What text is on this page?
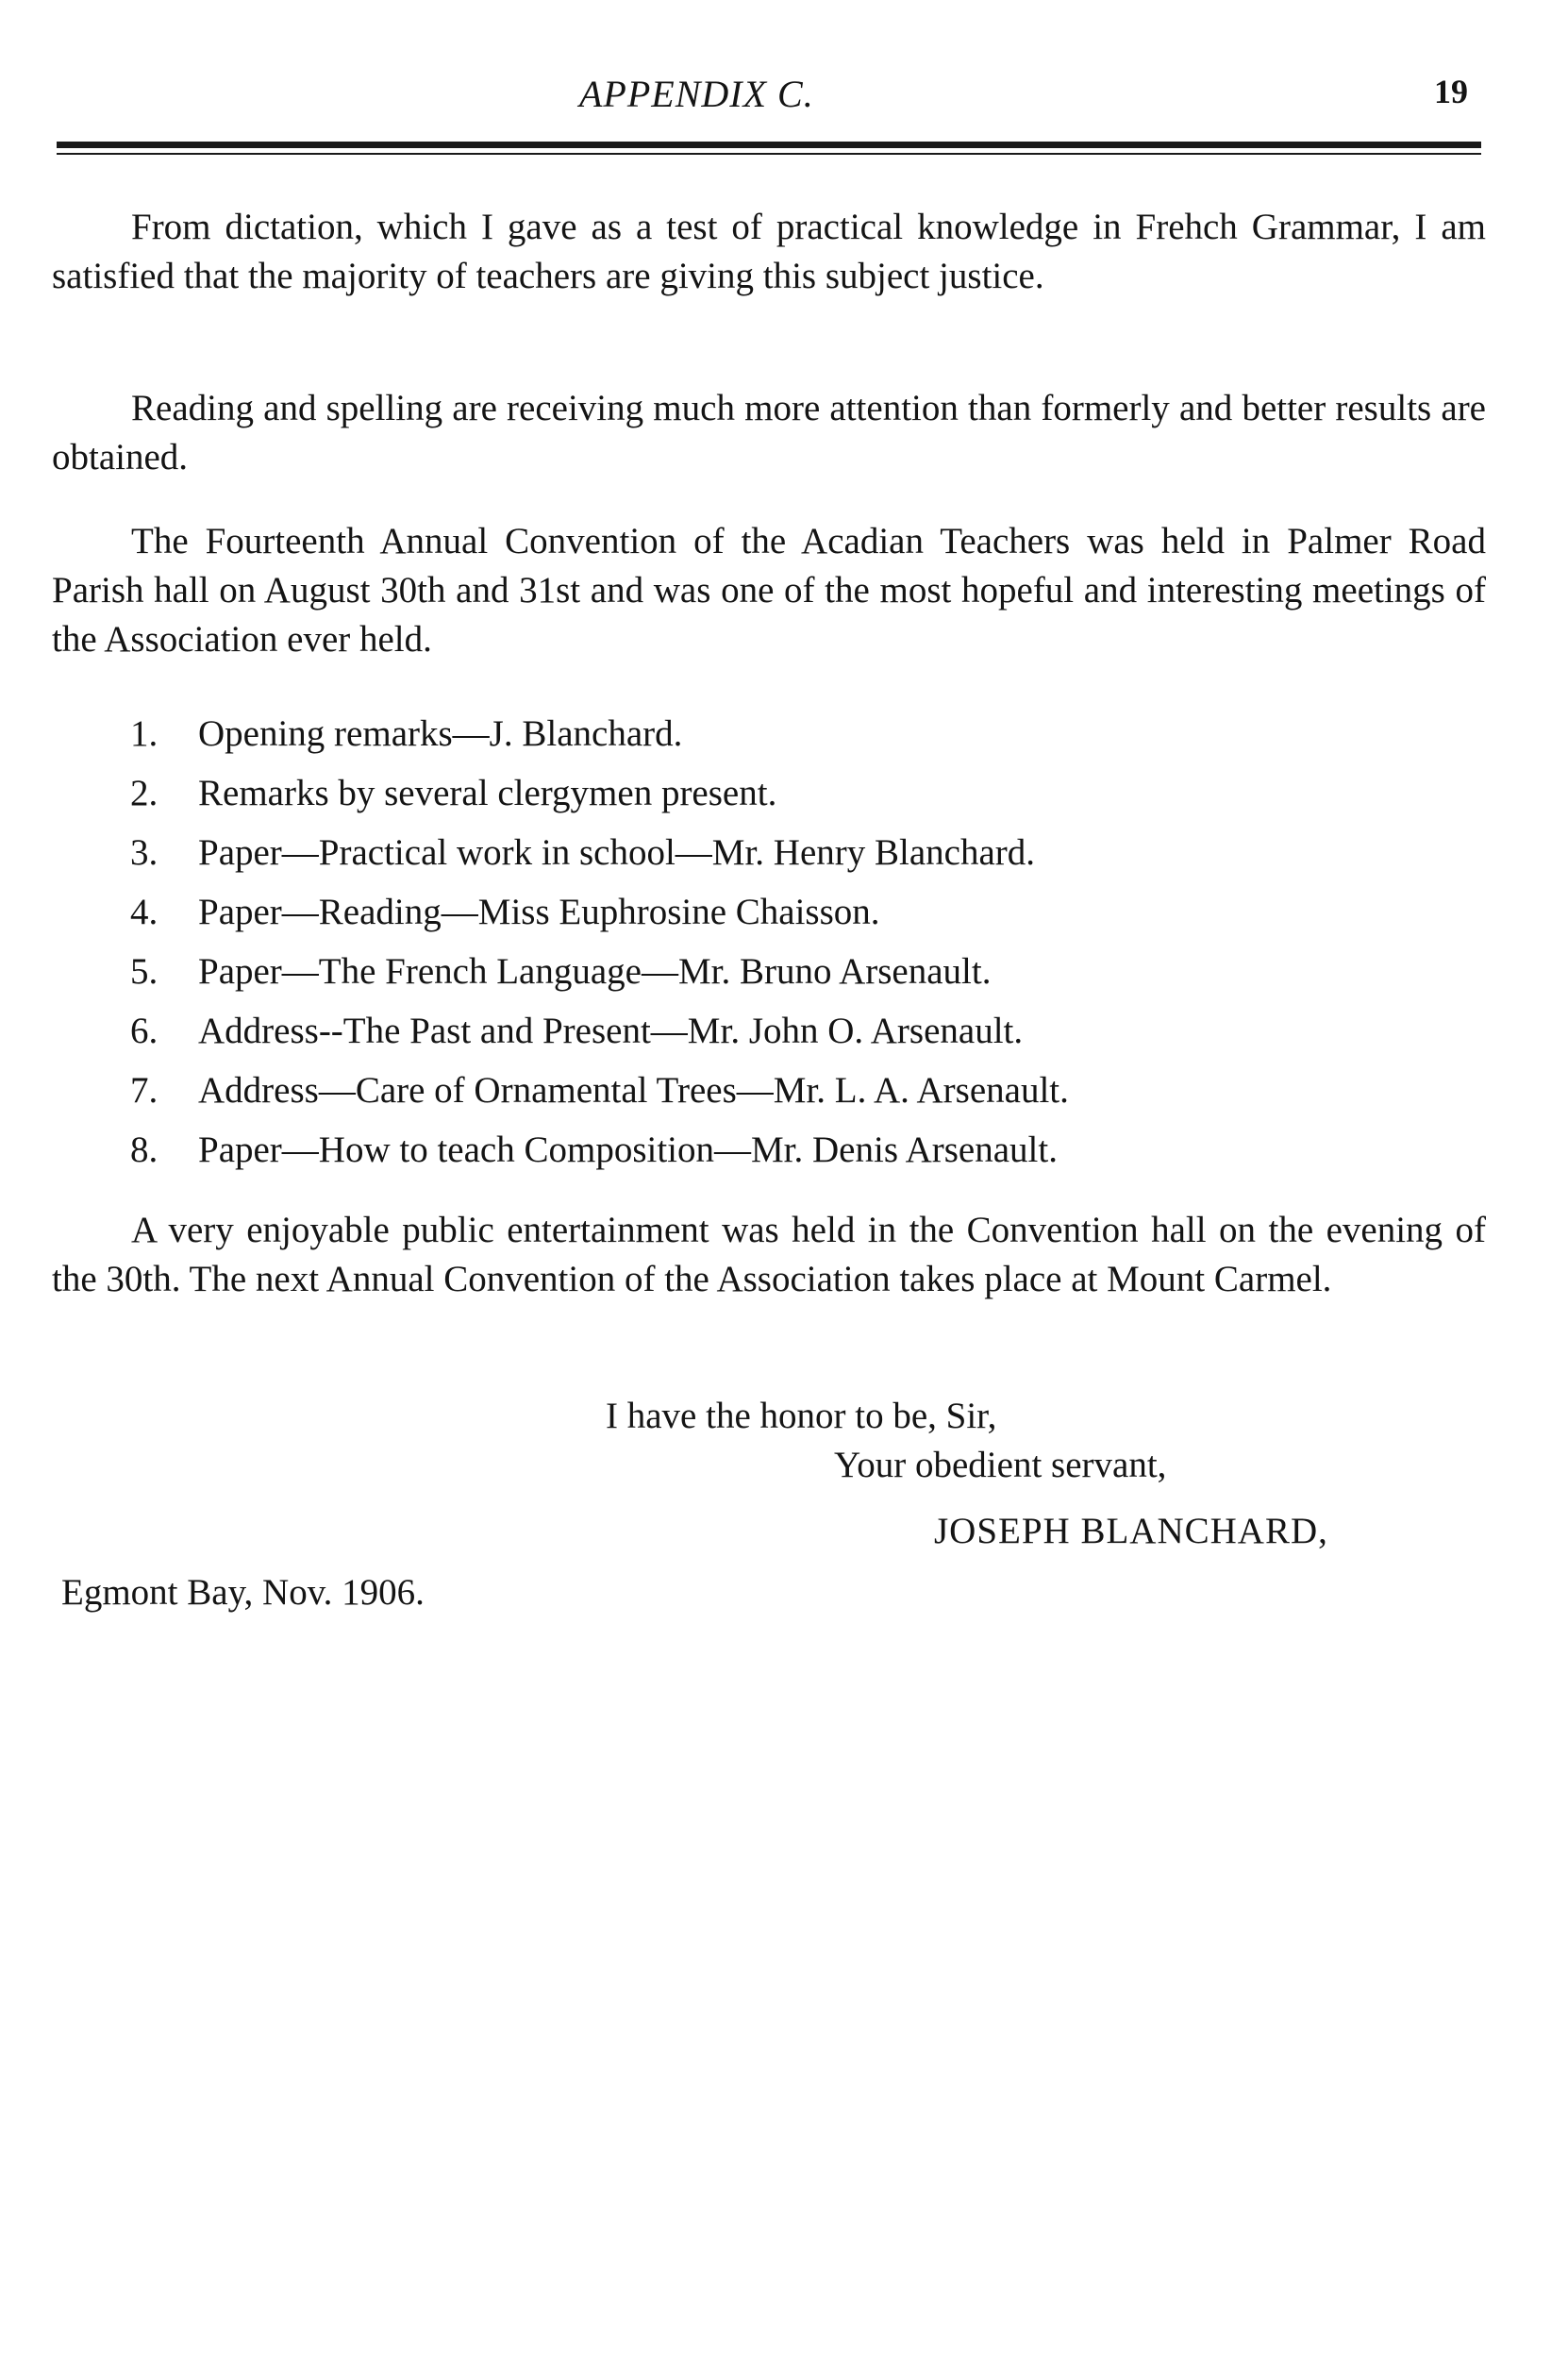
APPENDIX C.	19

From dictation, which I gave as a test of practical knowledge in Frehch Grammar, I am satisfied that the majority of teachers are giving this subject justice.

Reading and spelling are receiving much more attention than formerly and better results are obtained.

The Fourteenth Annual Convention of the Acadian Teachers was held in Palmer Road Parish hall on August 30th and 31st and was one of the most hopeful and interesting meetings of the Association ever held.

1. Opening remarks—J. Blanchard.
2. Remarks by several clergymen present.
3. Paper—Practical work in school—Mr. Henry Blanchard.
4. Paper—Reading—Miss Euphrosine Chaisson.
5. Paper—The French Language—Mr. Bruno Arsenault.
6. Address--The Past and Present—Mr. John O. Arsenault.
7. Address—Care of Ornamental Trees—Mr. L. A. Arsenault.
8. Paper—How to teach Composition—Mr. Denis Arsenault.

A very enjoyable public entertainment was held in the Convention hall on the evening of the 30th. The next Annual Convention of the Association takes place at Mount Carmel.

I have the honor to be, Sir,
Your obedient servant,
JOSEPH BLANCHARD,
Egmont Bay, Nov. 1906.
